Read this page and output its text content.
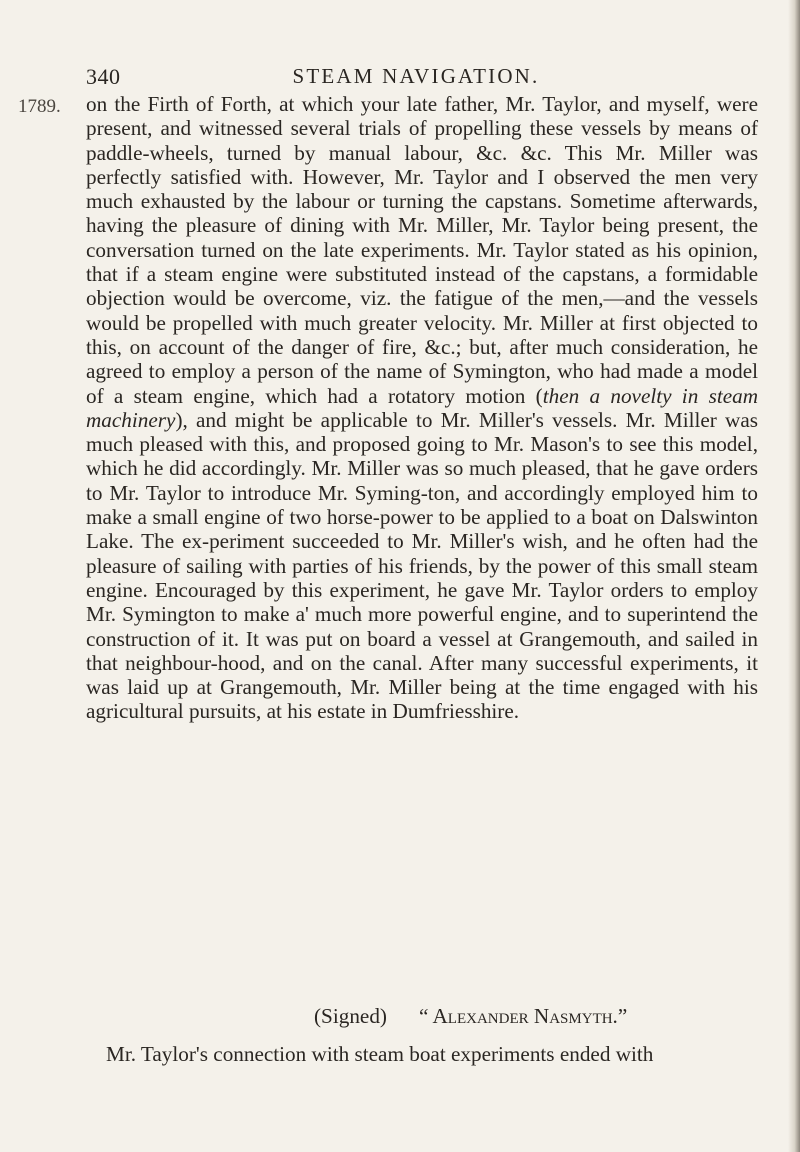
340	STEAM NAVIGATION.
1789. on the Firth of Forth, at which your late father, Mr. Taylor, and myself, were present, and witnessed several trials of propelling these vessels by means of paddle-wheels, turned by manual labour, &c. &c. This Mr. Miller was perfectly satisfied with. However, Mr. Taylor and I observed the men very much exhausted by the labour or turning the capstans. Sometime afterwards, having the pleasure of dining with Mr. Miller, Mr. Taylor being present, the conversation turned on the late experiments. Mr. Taylor stated as his opinion, that if a steam engine were substituted instead of the capstans, a formidable objection would be overcome, viz. the fatigue of the men,—and the vessels would be propelled with much greater velocity. Mr. Miller at first objected to this, on account of the danger of fire, &c.; but, after much consideration, he agreed to employ a person of the name of Symington, who had made a model of a steam engine, which had a rotatory motion (then a novelty in steam machinery), and might be applicable to Mr. Miller's vessels. Mr. Miller was much pleased with this, and proposed going to Mr. Mason's to see this model, which he did accordingly. Mr. Miller was so much pleased, that he gave orders to Mr. Taylor to introduce Mr. Syming-ton, and accordingly employed him to make a small engine of two horse-power to be applied to a boat on Dalswinton Lake. The ex-periment succeeded to Mr. Miller's wish, and he often had the pleasure of sailing with parties of his friends, by the power of this small steam engine. Encouraged by this experiment, he gave Mr. Taylor orders to employ Mr. Symington to make a' much more powerful engine, and to superintend the construction of it. It was put on board a vessel at Grangemouth, and sailed in that neighbour-hood, and on the canal. After many successful experiments, it was laid up at Grangemouth, Mr. Miller being at the time engaged with his agricultural pursuits, at his estate in Dumfriesshire.

(Signed) “ Alexander Nasmyth.”
Mr. Taylor's connection with steam boat experiments ended with
